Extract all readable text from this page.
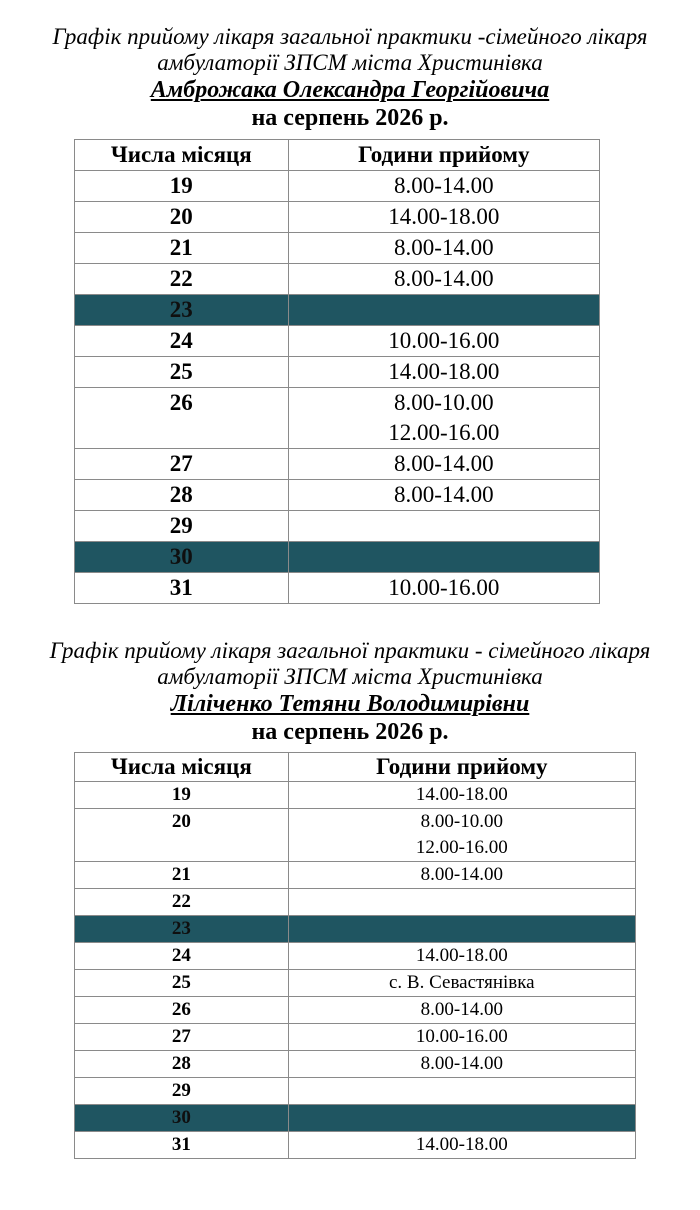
Графік прийому лікаря загальної практики -сімейного лікаря

амбулаторії ЗПСМ міста Христинівка

Амброжака Олександра Георгійовича
на серпень 2026 р.
Числа місяця	Години прийому
19	8.00-14.00

20	14.00-18.00

21	8.00-14.00

22	8.00-14.00

23	
24	10.00-16.00

25	14.00-18.00

26	8.00-10.00
12.00-16.00

27	8.00-14.00

28	8.00-14.00

29	
30	
31	10.00-16.00

Графік прийому лікаря загальної практики - сімейного лікаря

амбулаторії ЗПСМ міста Христинівка

Ліліченко Тетяни Володимирівни
на серпень 2026 р.
Числа місяця	Години прийому
19	14.00-18.00

20	8.00-10.00
12.00-16.00

21	8.00-14.00

22	
23	
24	14.00-18.00

25	с. В. Севастянівка

26	8.00-14.00

27	10.00-16.00

28	8.00-14.00

29	
30	
31	14.00-18.00
